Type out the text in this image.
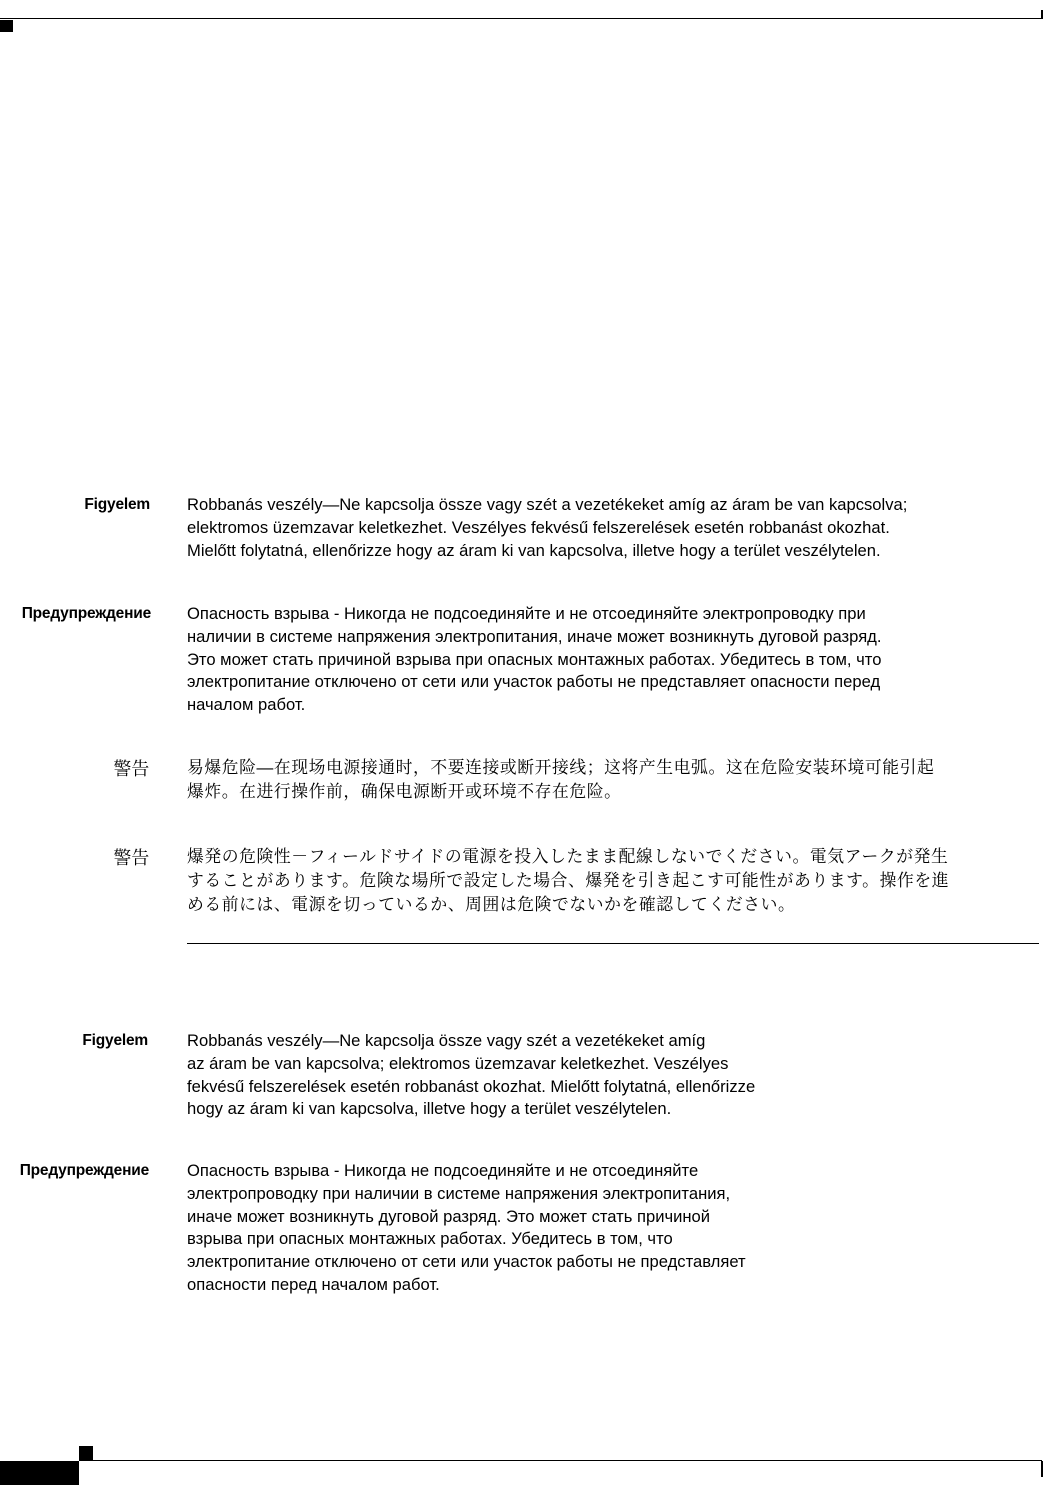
Figyelem Robbanás veszély—Ne kapcsolja össze vagy szét a vezetékeket amíg az áram be van kapcsolva;
elektromos üzemzavar keletkezhet. Veszélyes fekvésű felszerelések esetén robbanást okozhat.
Mielőtt folytatná, ellenőrizze hogy az áram ki van kapcsolva, illetve hogy a terület veszélytelen.
Предупреждение Опасность взрыва - Никогда не подсоединяйте и не отсоединяйте электропроводку при
наличии в системе напряжения электропитания, иначе может возникнуть дуговой разряд.
Это может стать причиной взрыва при опасных монтажных работах. Убедитесь в том, что
электропитание отключено от сети или участок работы не представляет опасности перед
началом работ.
警告 易爆危险—在现场电源接通时，不要连接或断开接线；这将产生电弧。这在危险安装环境可能引起
爆炸。在进行操作前，确保电源断开或环境不存在危险。
警告 爆発の危険性－フィールドサイドの電源を投入したまま配線しないでください。電気アークが発生
することがあります。危険な場所で設定した場合、爆発を引き起こす可能性があります。操作を進
める前には、電源を切っているか、周囲は危険でないかを確認してください。
Figyelem Robbanás veszély—Ne kapcsolja össze vagy szét a vezetékeket amíg
az áram be van kapcsolva; elektromos üzemzavar keletkezhet. Veszélyes
fekvésű felszerelések esetén robbanást okozhat. Mielőtt folytatná, ellenőrizze
hogy az áram ki van kapcsolva, illetve hogy a terület veszélytelen.
Предупреждение Опасность взрыва - Никогда не подсоединяйте и не отсоединяйте
электропроводку при наличии в системе напряжения электропитания,
иначе может возникнуть дуговой разряд. Это может стать причиной
взрыва при опасных монтажных работах. Убедитесь в том, что
электропитание отключено от сети или участок работы не представляет
опасности перед началом работ.
